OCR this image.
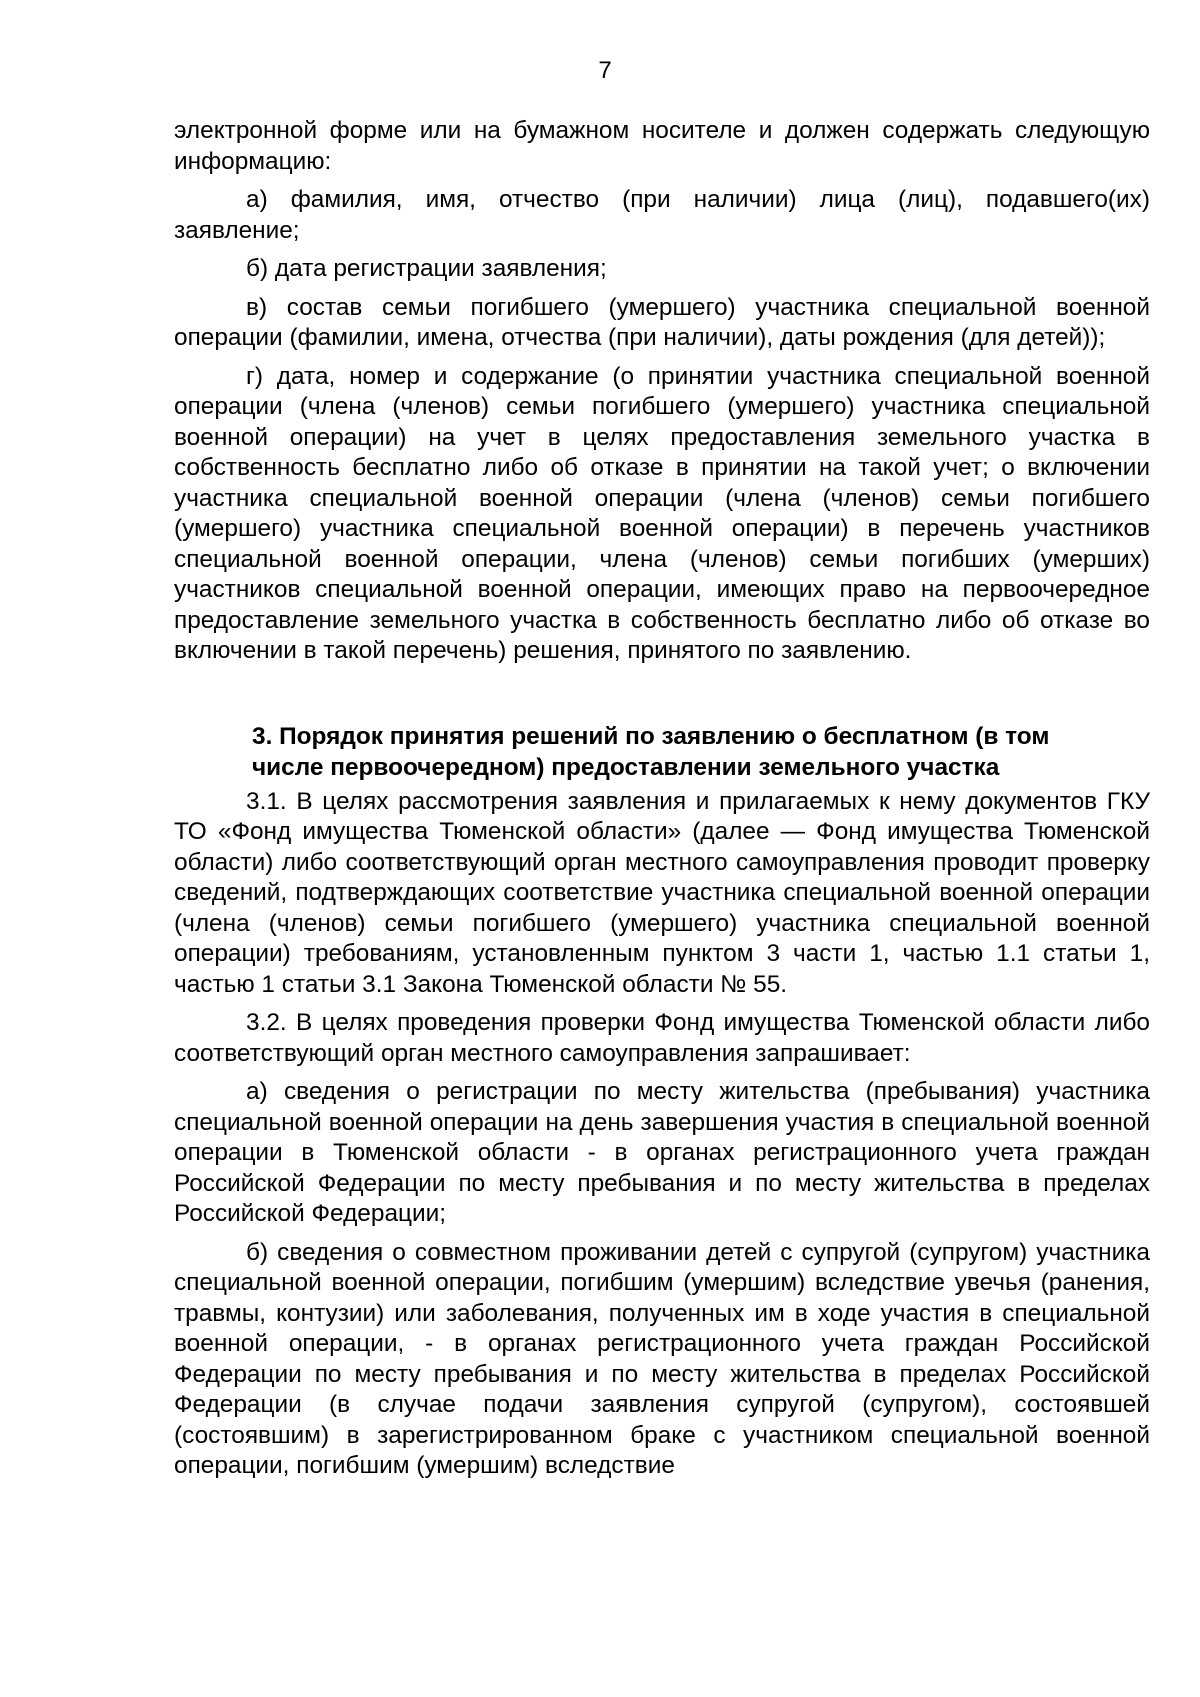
7

электронной форме или на бумажном носителе и должен содержать следующую информацию:

а) фамилия, имя, отчество (при наличии) лица (лиц), подавшего(их) заявление;

б) дата регистрации заявления;

в) состав семьи погибшего (умершего) участника специальной военной операции (фамилии, имена, отчества (при наличии), даты рождения (для детей));

г) дата, номер и содержание (о принятии участника специальной военной операции (члена (членов) семьи погибшего (умершего) участника специальной военной операции) на учет в целях предоставления земельного участка в собственность бесплатно либо об отказе в принятии на такой учет; о включении участника специальной военной операции (члена (членов) семьи погибшего (умершего) участника специальной военной операции) в перечень участников специальной военной операции, члена (членов) семьи погибших (умерших) участников специальной военной операции, имеющих право на первоочередное предоставление земельного участка в собственность бесплатно либо об отказе во включении в такой перечень) решения, принятого по заявлению.

3. Порядок принятия решений по заявлению о бесплатном (в том
числе первоочередном) предоставлении земельного участка

3.1. В целях рассмотрения заявления и прилагаемых к нему документов ГКУ ТО «Фонд имущества Тюменской области» (далее — Фонд имущества Тюменской области) либо соответствующий орган местного самоуправления проводит проверку сведений, подтверждающих соответствие участника специальной военной операции (члена (членов) семьи погибшего (умершего) участника специальной военной операции) требованиям, установленным пунктом 3 части 1, частью 1.1 статьи 1, частью 1 статьи 3.1 Закона Тюменской области № 55.

3.2. В целях проведения проверки Фонд имущества Тюменской области либо соответствующий орган местного самоуправления запрашивает:

а) сведения о регистрации по месту жительства (пребывания) участника специальной военной операции на день завершения участия в специальной военной операции в Тюменской области - в органах регистрационного учета граждан Российской Федерации по месту пребывания и по месту жительства в пределах Российской Федерации;

б) сведения о совместном проживании детей с супругой (супругом) участника специальной военной операции, погибшим (умершим) вследствие увечья (ранения, травмы, контузии) или заболевания, полученных им в ходе участия в специальной военной операции, - в органах регистрационного учета граждан Российской Федерации по месту пребывания и по месту жительства в пределах Российской Федерации (в случае подачи заявления супругой (супругом), состоявшей (состоявшим) в зарегистрированном браке с участником специальной военной операции, погибшим (умершим) вследствие
